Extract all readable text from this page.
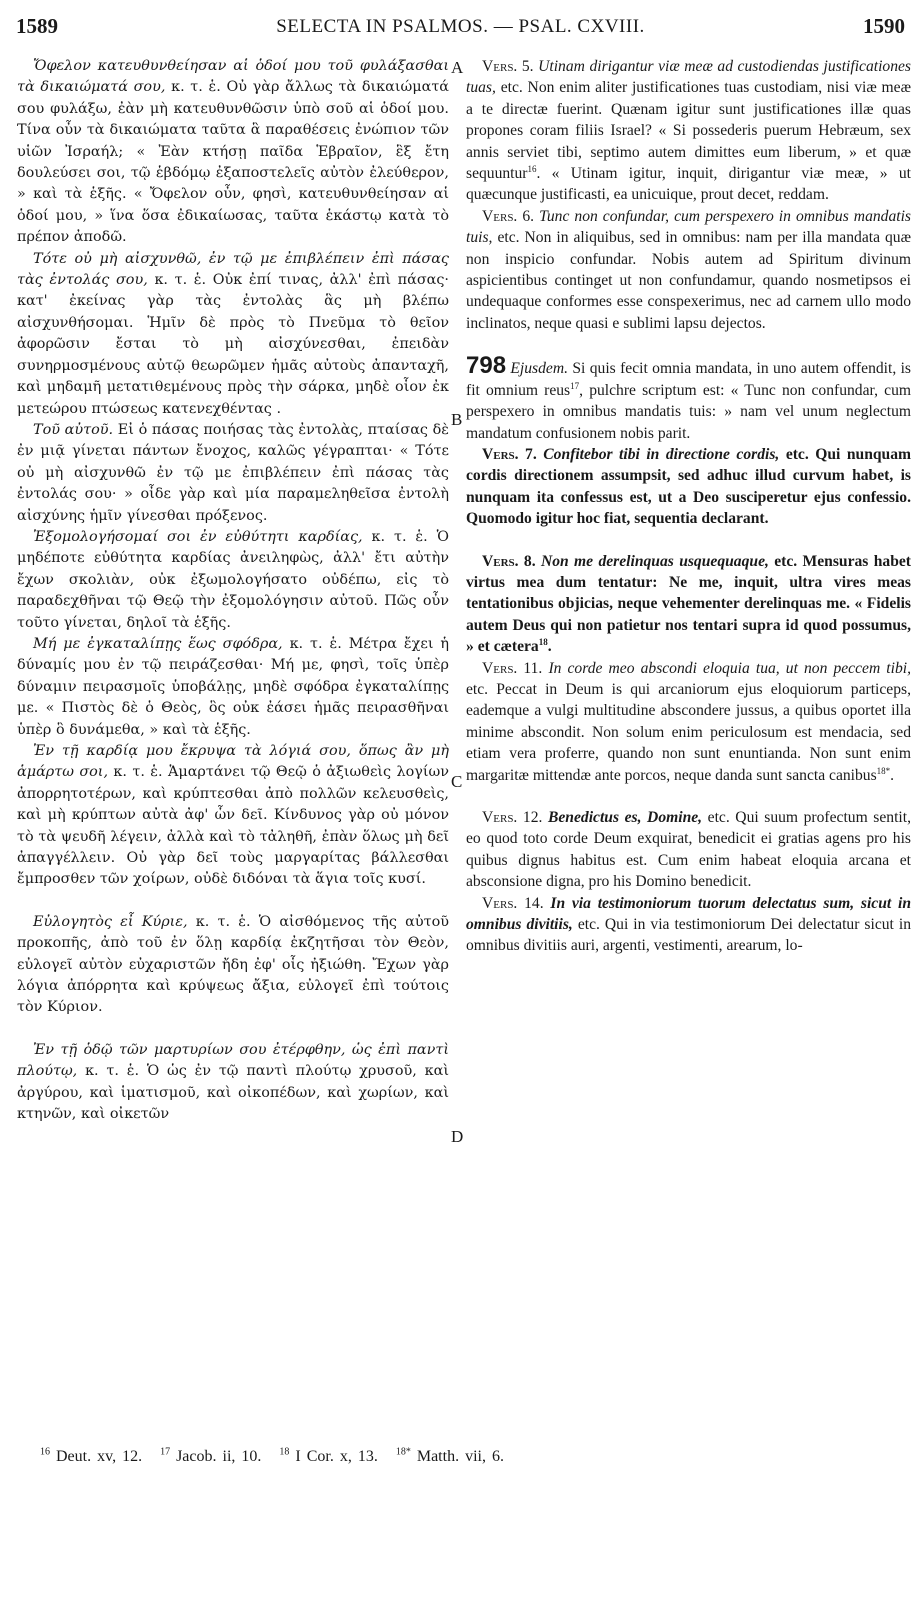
1589	SELECTA IN PSALMOS. — PSAL. CXVIII.	1590
A
B
C
D

Ὄφελον κατευθυνθείησαν αἱ ὁδοί μου τοῦ φυλάξασθαι τὰ δικαιώματά σου, κ. τ. ἑ. Οὐ γὰρ ἄλλως τὰ δικαιώματά σου φυλάξω, ἐὰν μὴ κατευθυνθῶσιν ὑπὸ σοῦ αἱ ὁδοί μου. Τίνα οὖν τὰ δικαιώματα ταῦτα ἃ παραθέσεις ἐνώπιον τῶν υἱῶν Ἰσραήλ; « Ἐὰν κτήσῃ παῖδα Ἑβραῖον, ἓξ ἔτη δουλεύσει σοι, τῷ ἑβδόμῳ ἐξαποστελεῖς αὐτὸν ἐλεύθερον, » καὶ τὰ ἑξῆς. « Ὄφελον οὖν, φησὶ, κατευθυνθείησαν αἱ ὁδοί μου, » ἵνα ὅσα ἐδικαίωσας, ταῦτα ἑκάστῳ κατὰ τὸ πρέπον ἀποδῶ.

Τότε οὐ μὴ αἰσχυνθῶ, ἐν τῷ με ἐπιβλέπειν ἐπὶ πάσας τὰς ἐντολάς σου, κ. τ. ἑ. Οὐκ ἐπί τινας, ἀλλ' ἐπὶ πάσας· κατ' ἐκείνας γὰρ τὰς ἐντολὰς ἃς μὴ βλέπω αἰσχυνθήσομαι. Ἡμῖν δὲ πρὸς τὸ Πνεῦμα τὸ θεῖον ἀφορῶσιν ἔσται τὸ μὴ αἰσχύνεσθαι, ἐπειδὰν συνηρμοσμένους αὐτῷ θεωρῶμεν ἡμᾶς αὐτοὺς ἀπανταχῆ, καὶ μηδαμῆ μετατιθεμένους πρὸς τὴν σάρκα, μηδὲ οἷον ἐκ μετεώρου πτώσεως κατενεχθέντας .

Τοῦ αὐτοῦ. Εἰ ὁ πάσας ποιήσας τὰς ἐντολὰς, πταίσας δὲ ἐν μιᾷ γίνεται πάντων ἔνοχος, καλῶς γέγραπται· « Τότε οὐ μὴ αἰσχυνθῶ ἐν τῷ με ἐπιβλέπειν ἐπὶ πάσας τὰς ἐντολάς σου· » οἶδε γὰρ καὶ μία παραμεληθεῖσα ἐντολὴ αἰσχύνης ἡμῖν γίνεσθαι πρόξενος.

Ἐξομολογήσομαί σοι ἐν εὐθύτητι καρδίας, κ. τ. ἑ. Ὁ μηδέποτε εὐθύτητα καρδίας ἀνειληφὼς, ἀλλ' ἔτι αὐτὴν ἔχων σκολιὰν, οὐκ ἐξωμολογήσατο οὐδέπω, εἰς τὸ παραδεχθῆναι τῷ Θεῷ τὴν ἐξομολόγησιν αὐτοῦ. Πῶς οὖν τοῦτο γίνεται, δηλοῖ τὰ ἑξῆς.

Μή με ἐγκαταλίπῃς ἕως σφόδρα, κ. τ. ἑ. Μέτρα ἔχει ἡ δύναμίς μου ἐν τῷ πειράζεσθαι· Μή με, φησὶ, τοῖς ὑπὲρ δύναμιν πειρασμοῖς ὑποβάλῃς, μηδὲ σφόδρα ἐγκαταλίπῃς με. « Πιστὸς δὲ ὁ Θεὸς, ὃς οὐκ ἐάσει ἡμᾶς πειρασθῆναι ὑπὲρ ὃ δυνάμεθα, » καὶ τὰ ἑξῆς.

Ἐν τῇ καρδίᾳ μου ἔκρυψα τὰ λόγιά σου, ὅπως ἂν μὴ ἁμάρτω σοι, κ. τ. ἑ. Ἁμαρτάνει τῷ Θεῷ ὁ ἀξιωθεὶς λογίων ἀπορρητοτέρων, καὶ κρύπτεσθαι ἀπὸ πολλῶν κελευσθεὶς, καὶ μὴ κρύπτων αὐτὰ ἀφ' ὧν δεῖ. Κίνδυνος γὰρ οὐ μόνον τὸ τὰ ψευδῆ λέγειν, ἀλλὰ καὶ τὸ τἀληθῆ, ἐπὰν ὅλως μὴ δεῖ ἀπαγγέλλειν. Οὐ γὰρ δεῖ τοὺς μαργαρίτας βάλλεσθαι ἔμπροσθεν τῶν χοίρων, οὐδὲ διδόναι τὰ ἅγια τοῖς κυσί.

Εὐλογητὸς εἶ Κύριε, κ. τ. ἑ. Ὁ αἰσθόμενος τῆς αὐτοῦ προκοπῆς, ἀπὸ τοῦ ἐν ὅλῃ καρδίᾳ ἐκζητῆσαι τὸν Θεὸν, εὐλογεῖ αὐτὸν εὐχαριστῶν ἤδη ἐφ' οἷς ἠξιώθη. Ἔχων γὰρ λόγια ἀπόρρητα καὶ κρύψεως ἄξια, εὐλογεῖ ἐπὶ τούτοις τὸν Κύριον.

Ἐν τῇ ὁδῷ τῶν μαρτυρίων σου ἐτέρφθην, ὡς ἐπὶ παντὶ πλούτῳ, κ. τ. ἑ. Ὁ ὡς ἐν τῷ παντὶ πλούτῳ χρυσοῦ, καὶ ἀργύρου, καὶ ἱματισμοῦ, καὶ οἰκοπέδων, καὶ χωρίων, καὶ κτηνῶν, καὶ οἰκετῶν

Vers. 5. Utinam dirigantur viæ meæ ad custodiendas justificationes tuas, etc. Non enim aliter justificationes tuas custodiam, nisi viæ meæ a te directæ fuerint. Quænam igitur sunt justificationes illæ quas propones coram filiis Israel? « Si possederis puerum Hebræum, sex annis serviet tibi, septimo autem dimittes eum liberum, » et quæ sequuntur$^{16}$. « Utinam igitur, inquit, dirigantur viæ meæ, » ut quæcunque justificasti, ea unicuique, prout decet, reddam.

Vers. 6. Tunc non confundar, cum perspexero in omnibus mandatis tuis, etc. Non in aliquibus, sed in omnibus: nam per illa mandata quæ non inspicio confundar. Nobis autem ad Spiritum divinum aspicientibus continget ut non confundamur, quando nosmetipsos ei undequaque conformes esse conspexerimus, nec ad carnem ullo modo inclinatos, neque quasi e sublimi lapsu dejectos.

798 Ejusdem. Si quis fecit omnia mandata, in uno autem offendit, is fit omnium reus$^{17}$, pulchre scriptum est: « Tunc non confundar, cum perspexero in omnibus mandatis tuis: » nam vel unum neglectum mandatum confusionem nobis parit.

Vers. 7. Confitebor tibi in directione cordis, etc. Qui nunquam cordis directionem assumpsit, sed adhuc illud curvum habet, is nunquam ita confessus est, ut a Deo susciperetur ejus confessio. Quomodo igitur hoc fiat, sequentia declarant.

Vers. 8. Non me derelinquas usquequaque, etc. Mensuras habet virtus mea dum tentatur: Ne me, inquit, ultra vires meas tentationibus objicias, neque vehementer derelinquas me. « Fidelis autem Deus qui non patietur nos tentari supra id quod possumus, » et cætera$^{18}$.

Vers. 11. In corde meo abscondi eloquia tua, ut non peccem tibi, etc. Peccat in Deum is qui arcaniorum ejus eloquiorum particeps, eademque a vulgi multitudine abscondere jussus, a quibus oportet illa minime abscondit. Non solum enim periculosum est mendacia, sed etiam vera proferre, quando non sunt enuntianda. Non sunt enim margaritæ mittendæ ante porcos, neque danda sunt sancta canibus$^{18*}$.

Vers. 12. Benedictus es, Domine, etc. Qui suum profectum sentit, eo quod toto corde Deum exquirat, benedicit ei gratias agens pro his quibus dignus habitus est. Cum enim habeat eloquia arcana et absconsione digna, pro his Domino benedicit.

Vers. 14. In via testimoniorum tuorum delectatus sum, sicut in omnibus divitiis, etc. Qui in via testimoniorum Dei delectatur sicut in omnibus divitiis auri, argenti, vestimenti, arearum, lo-

$^{16}$ Deut. xv, 12. $^{17}$ Jacob. ii, 10. $^{18}$ I Cor. x, 13. $^{18*}$ Matth. vii, 6.
